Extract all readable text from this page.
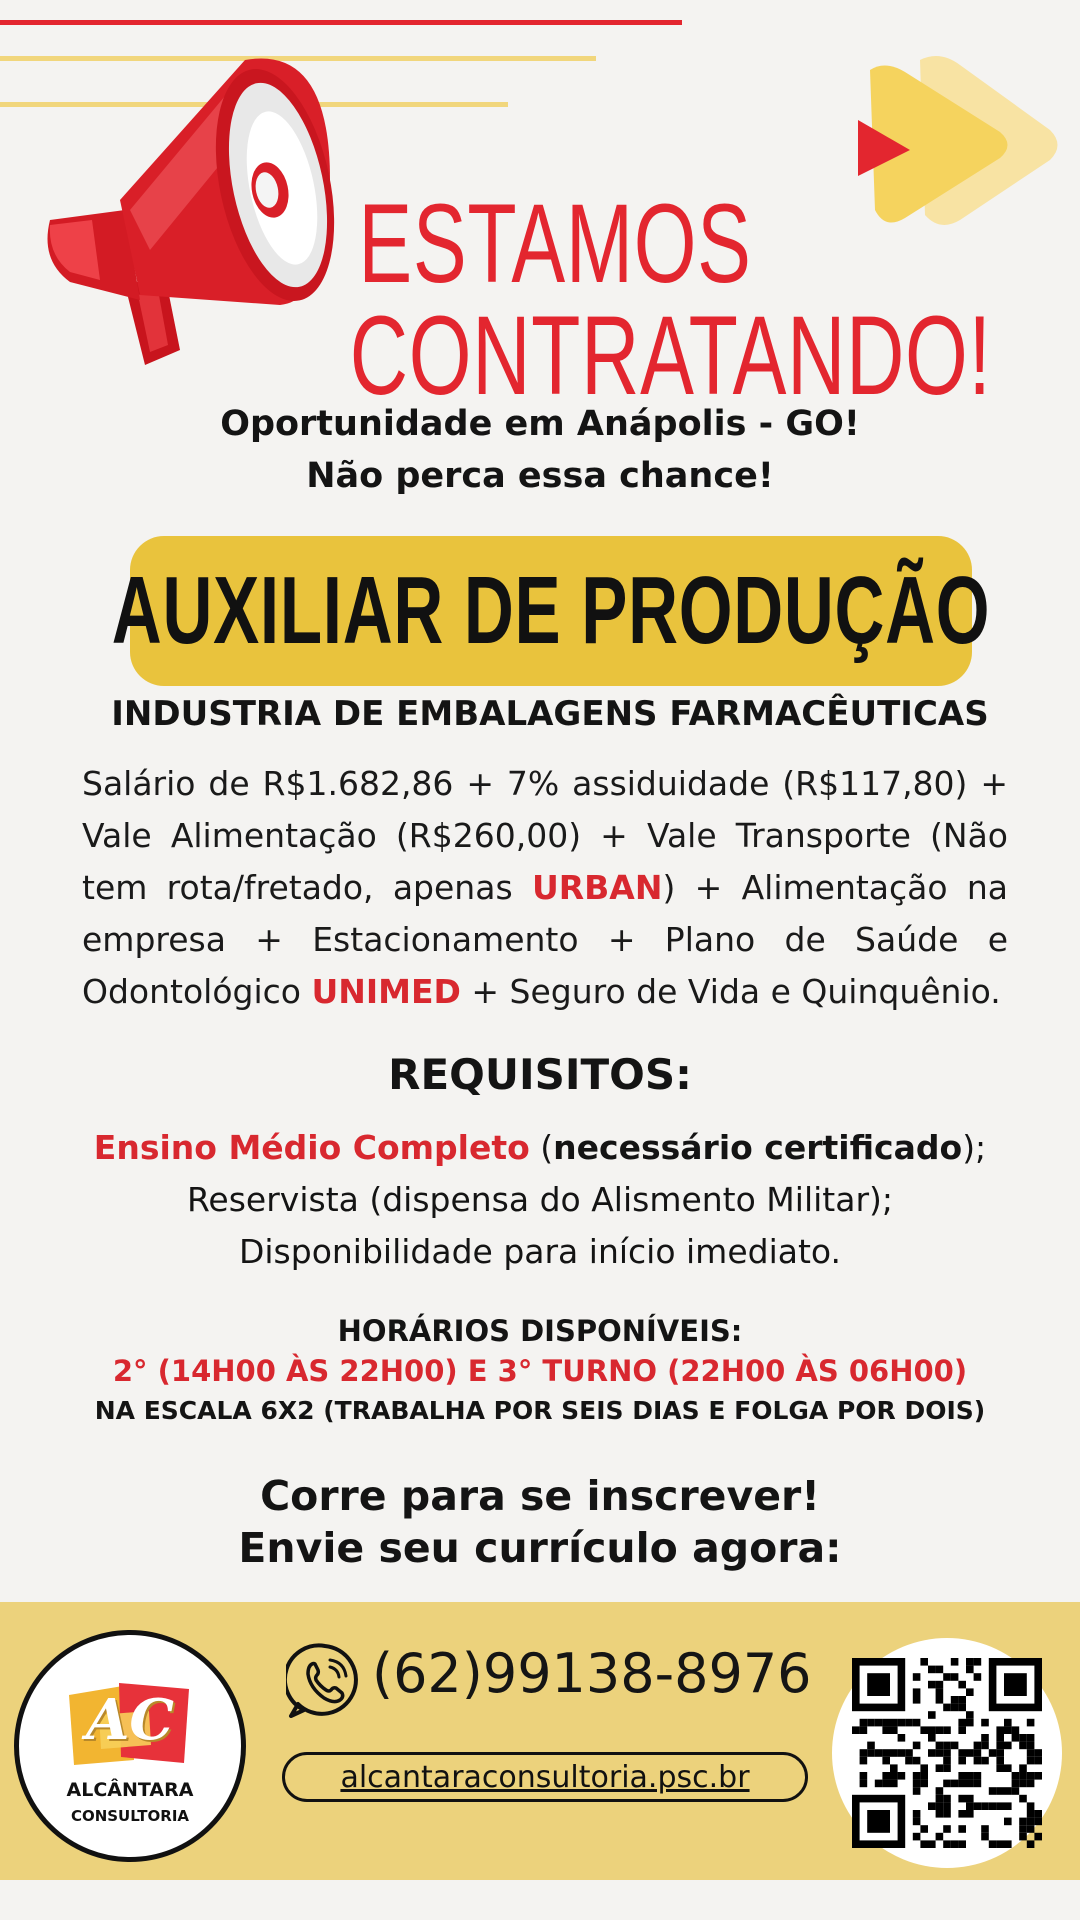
ESTAMOS
CONTRATANDO!
Oportunidade em Anápolis - GO!
Não perca essa chance!
AUXILIAR DE PRODUÇÃO
INDUSTRIA DE EMBALAGENS FARMACÊUTICAS
Salário de R$1.682,86 + 7% assiduidade (R$117,80) + Vale Alimentação (R$260,00) + Vale Transporte (Não tem rota/fretado, apenas URBAN) + Alimentação na empresa + Estacionamento + Plano de Saúde e Odontológico UNIMED + Seguro de Vida e Quinquênio.
REQUISITOS:
Ensino Médio Completo (necessário certificado);
Reservista (dispensa do Alismento Militar);
Disponibilidade para início imediato.
HORÁRIOS DISPONÍVEIS:
2° (14H00 ÀS 22H00) E 3° TURNO (22H00 ÀS 06H00)
NA ESCALA 6X2 (TRABALHA POR SEIS DIAS E FOLGA POR DOIS)
Corre para se inscrever!
Envie seu currículo agora:
AC
ALCÂNTARA
CONSULTORIA
(62)99138-8976
alcantaraconsultoria.psc.br
